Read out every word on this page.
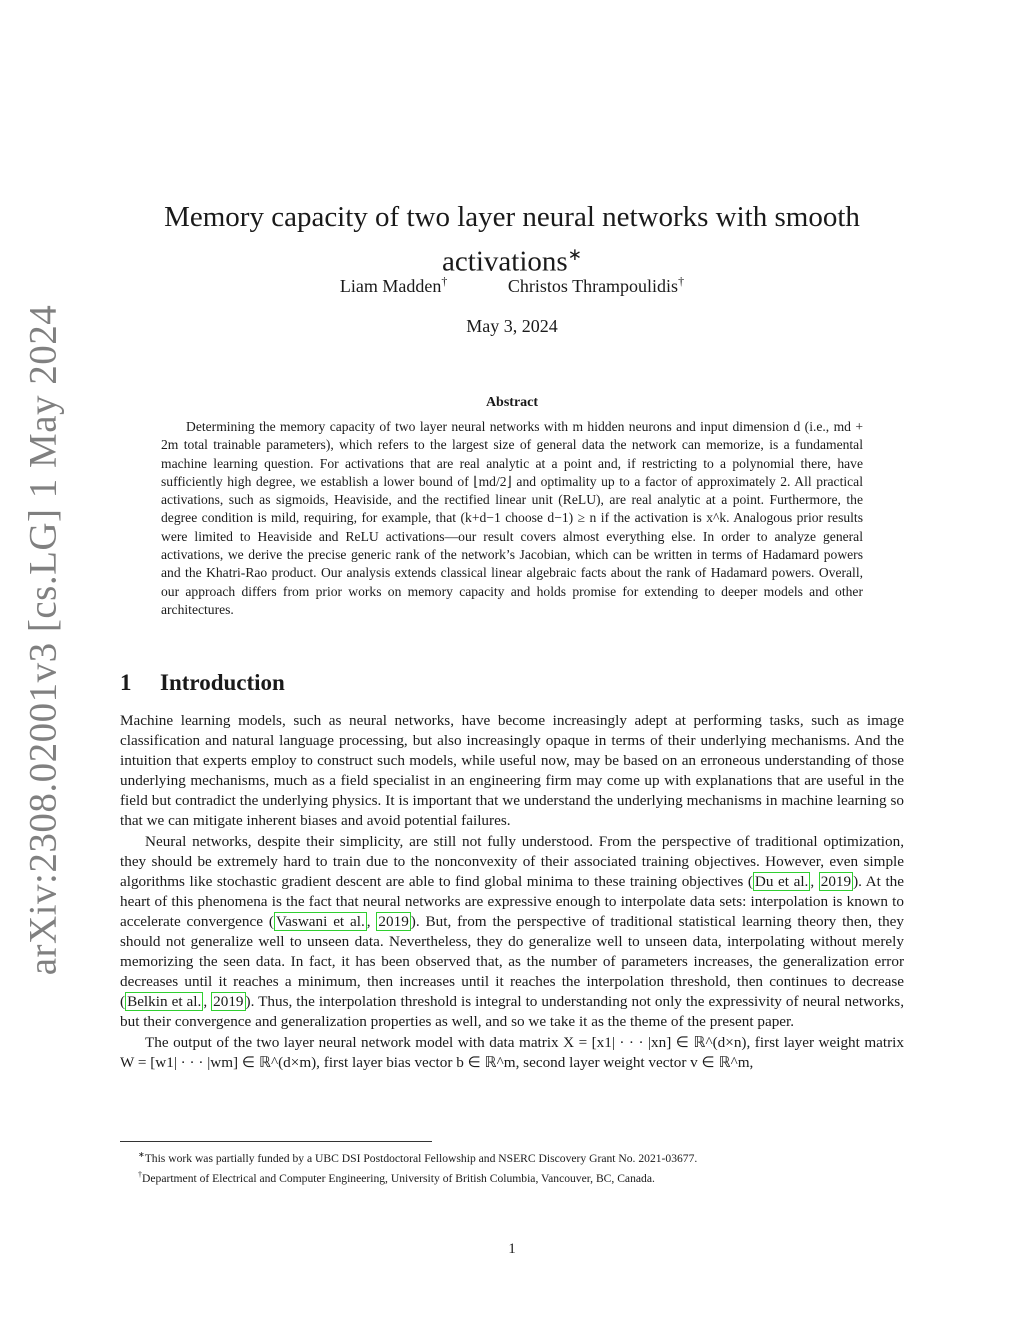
arXiv:2308.02001v3 [cs.LG] 1 May 2024
Memory capacity of two layer neural networks with smooth activations∗
Liam Madden†	Christos Thrampoulidis†
May 3, 2024
Abstract

Determining the memory capacity of two layer neural networks with m hidden neurons and input dimension d (i.e., md + 2m total trainable parameters), which refers to the largest size of general data the network can memorize, is a fundamental machine learning question. For activations that are real analytic at a point and, if restricting to a polynomial there, have sufficiently high degree, we establish a lower bound of ⌊md/2⌋ and optimality up to a factor of approximately 2. All practical activations, such as sigmoids, Heaviside, and the rectified linear unit (ReLU), are real analytic at a point. Furthermore, the degree condition is mild, requiring, for example, that (k+d−1 choose d−1) ≥ n if the activation is x^k. Analogous prior results were limited to Heaviside and ReLU activations—our result covers almost everything else. In order to analyze general activations, we derive the precise generic rank of the network’s Jacobian, which can be written in terms of Hadamard powers and the Khatri-Rao product. Our analysis extends classical linear algebraic facts about the rank of Hadamard powers. Overall, our approach differs from prior works on memory capacity and holds promise for extending to deeper models and other architectures.

1 Introduction

Machine learning models, such as neural networks, have become increasingly adept at performing tasks, such as image classification and natural language processing, but also increasingly opaque in terms of their underlying mechanisms. And the intuition that experts employ to construct such models, while useful now, may be based on an erroneous understanding of those underlying mechanisms, much as a field specialist in an engineering firm may come up with explanations that are useful in the field but contradict the underlying physics. It is important that we understand the underlying mechanisms in machine learning so that we can mitigate inherent biases and avoid potential failures.

Neural networks, despite their simplicity, are still not fully understood. From the perspective of traditional optimization, they should be extremely hard to train due to the nonconvexity of their associated training objectives. However, even simple algorithms like stochastic gradient descent are able to find global minima to these training objectives ( Du et al. , 2019 ). At the heart of this phenomena is the fact that neural networks are expressive enough to interpolate data sets: interpolation is known to accelerate convergence ( Vaswani et al. , 2019 ). But, from the perspective of traditional statistical learning theory then, they should not generalize well to unseen data. Nevertheless, they do generalize well to unseen data, interpolating without merely memorizing the seen data. In fact, it has been observed that, as the number of parameters increases, the generalization error decreases until it reaches a minimum, then increases until it reaches the interpolation threshold, then continues to decrease ( Belkin et al. , 2019 ). Thus, the interpolation threshold is integral to understanding not only the expressivity of neural networks, but their convergence and generalization properties as well, and so we take it as the theme of the present paper.

The output of the two layer neural network model with data matrix X = [x1| · · · |xn] ∈ ℝ^(d×n), first layer weight matrix W = [w1| · · · |wm] ∈ ℝ^(d×m), first layer bias vector b ∈ ℝ^m, second layer weight vector v ∈ ℝ^m,

∗This work was partially funded by a UBC DSI Postdoctoral Fellowship and NSERC Discovery Grant No. 2021-03677.

†Department of Electrical and Computer Engineering, University of British Columbia, Vancouver, BC, Canada.

1
